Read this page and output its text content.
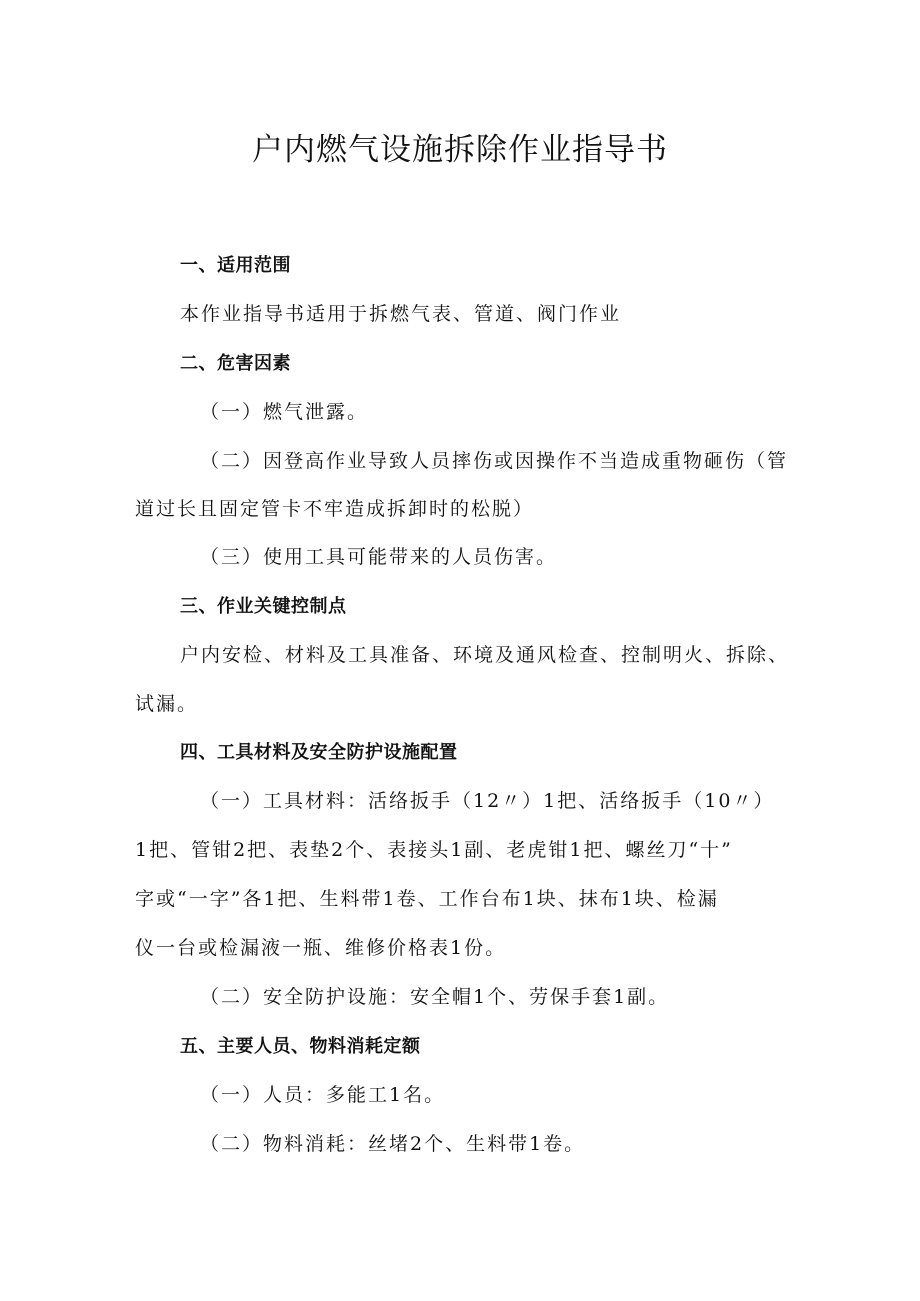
户内燃气设施拆除作业指导书
一、适用范围
本作业指导书适用于拆燃气表、管道、阀门作业
二、危害因素
（一）燃气泄露。
（二）因登高作业导致人员摔伤或因操作不当造成重物砸伤（管
道过长且固定管卡不牢造成拆卸时的松脱）
（三）使用工具可能带来的人员伤害。
三、作业关键控制点
户内安检、材料及工具准备、环境及通风检查、控制明火、拆除、
试漏。
四、工具材料及安全防护设施配置
（一）工具材料：活络扳手（12〃）1把、活络扳手（10〃）
1把、管钳2把、表垫2个、表接头1副、老虎钳1把、螺丝刀“十”
字或“一字”各1把、生料带1卷、工作台布1块、抹布1块、检漏
仪一台或检漏液一瓶、维修价格表1份。
（二）安全防护设施：安全帽1个、劳保手套1副。
五、主要人员、物料消耗定额
（一）人员：多能工1名。
（二）物料消耗：丝堵2个、生料带1卷。
